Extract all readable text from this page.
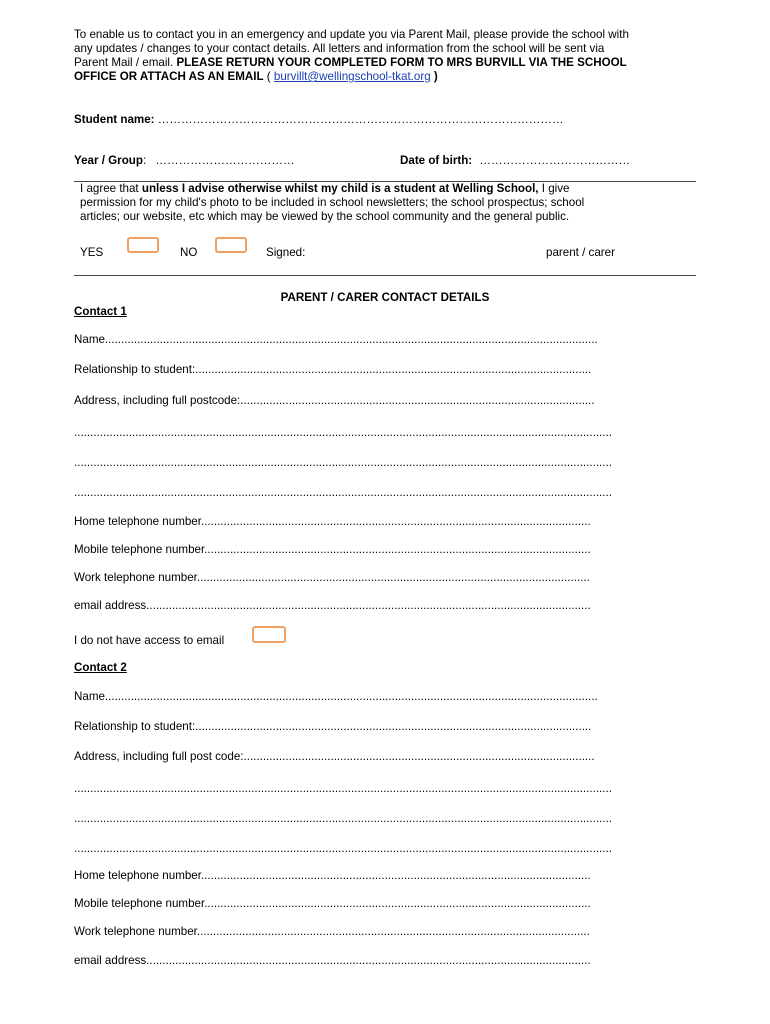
To enable us to contact you in an emergency and update you via Parent Mail, please provide the school with
any updates / changes to your contact details. All letters and information from the school will be sent via
Parent Mail / email. PLEASE RETURN YOUR COMPLETED FORM TO MRS BURVILL VIA THE SCHOOL
OFFICE OR ATTACH AS AN EMAIL ( burvillt@wellingschool-tkat.org )
Student name: ……………………………………………………………………………………………
Year / Group: ………………………………	Date of birth: …………………………………
I agree that unless I advise otherwise whilst my child is a student at Welling School, I give
permission for my child's photo to be included in school newsletters; the school prospectus; school
articles; our website, etc which may be viewed by the school community and the general public.
YES	NO	Signed:	parent / carer
PARENT / CARER CONTACT DETAILS
Contact 1
Name.........................................................................................................................................................
Relationship to student:...........................................................................................................................
Address, including full postcode:..............................................................................................................
.......................................................................................................................................................................
.......................................................................................................................................................................
.......................................................................................................................................................................
Home telephone number.........................................................................................................................
Mobile telephone number........................................................................................................................
Work telephone number..........................................................................................................................
email address..........................................................................................................................................
I do not have access to email
Contact 2
Name.........................................................................................................................................................
Relationship to student:...........................................................................................................................
Address, including full post code:.............................................................................................................
.......................................................................................................................................................................
.......................................................................................................................................................................
.......................................................................................................................................................................
Home telephone number.........................................................................................................................
Mobile telephone number........................................................................................................................
Work telephone number..........................................................................................................................
email address..........................................................................................................................................
